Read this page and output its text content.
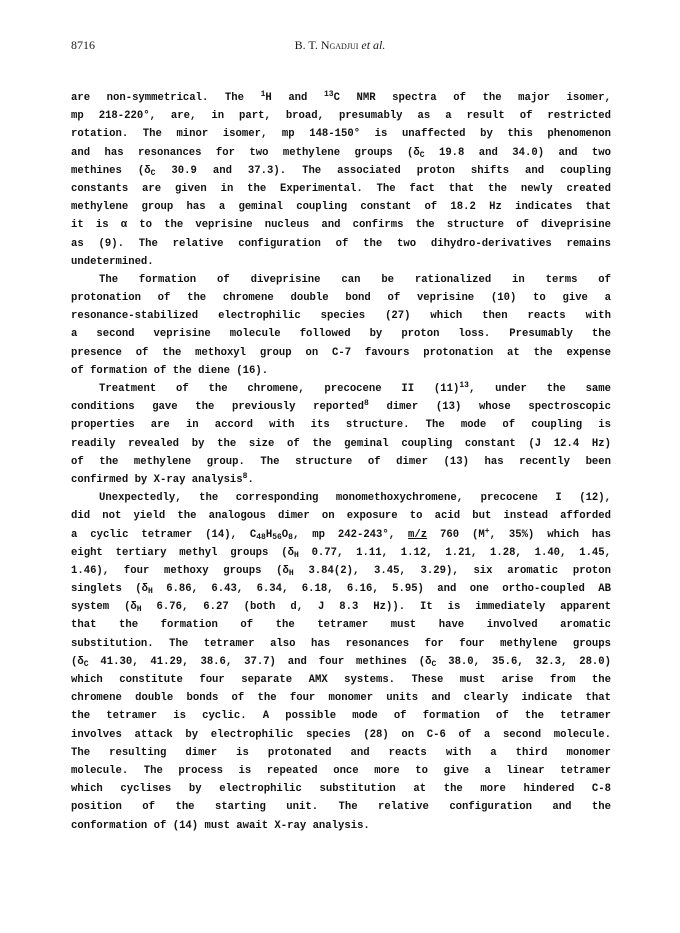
8716	B. T. Ngadjui et al.
are non-symmetrical. The $^1$H and $^{13}$C NMR spectra of the major isomer,
mp 218-220°, are, in part, broad, presumably as a result of restricted
rotation. The minor isomer, mp 148-150° is unaffected by this phenomenon
and has resonances for two methylene groups ($\delta_C$ 19.8 and 34.0) and two
methines ($\delta_C$ 30.9 and 37.3). The associated proton shifts and coupling
constants are given in the Experimental. The fact that the newly created
methylene group has a geminal coupling constant of 18.2 Hz indicates that
it is α to the veprisine nucleus and confirms the structure of diveprisine
as (9). The relative configuration of the two dihydro-derivatives remains
undetermined.
The formation of diveprisine can be rationalized in terms of
protonation of the chromene double bond of veprisine (10) to give a
resonance-stabilized electrophilic species (27) which then reacts with
a second veprisine molecule followed by proton loss. Presumably the
presence of the methoxyl group on C-7 favours protonation at the expense
of formation of the diene (16).
Treatment of the chromene, precocene II $(11)^{13}$, under the same
conditions gave the previously reported$^8$ dimer (13) whose spectroscopic
properties are in accord with its structure. The mode of coupling is
readily revealed by the size of the geminal coupling constant (J 12.4 Hz)
of the methylene group. The structure of dimer (13) has recently been
confirmed by X-ray analysis$^8$.
Unexpectedly, the corresponding monomethoxychromene, precocene I (12),
did not yield the analogous dimer on exposure to acid but instead afforded
a cyclic tetramer (14), $C_{48}H_{56}O_8$, mp 242-243°, m/z 760 (M+, 35%) which has
eight tertiary methyl groups ($\delta_H$ 0.77, 1.11, 1.12, 1.21, 1.28, 1.40, 1.45,
1.46), four methoxy groups ($\delta_H$ 3.84(2), 3.45, 3.29), six aromatic proton
singlets ($\delta_H$ 6.86, 6.43, 6.34, 6.18, 6.16, 5.95) and one ortho-coupled AB
system ($\delta_H$ 6.76, 6.27 (both d, J 8.3 Hz)). It is immediately apparent
that the formation of the tetramer must have involved aromatic
substitution. The tetramer also has resonances for four methylene groups
($\delta_C$ 41.30, 41.29, 38.6, 37.7) and four methines ($\delta_C$ 38.0, 35.6, 32.3, 28.0)
which constitute four separate AMX systems. These must arise from the
chromene double bonds of the four monomer units and clearly indicate that
the tetramer is cyclic. A possible mode of formation of the tetramer
involves attack by electrophilic species (28) on C-6 of a second molecule.
The resulting dimer is protonated and reacts with a third monomer
molecule. The process is repeated once more to give a linear tetramer
which cyclises by electrophilic substitution at the more hindered C-8
position of the starting unit. The relative configuration and the
conformation of (14) must await X-ray analysis.
